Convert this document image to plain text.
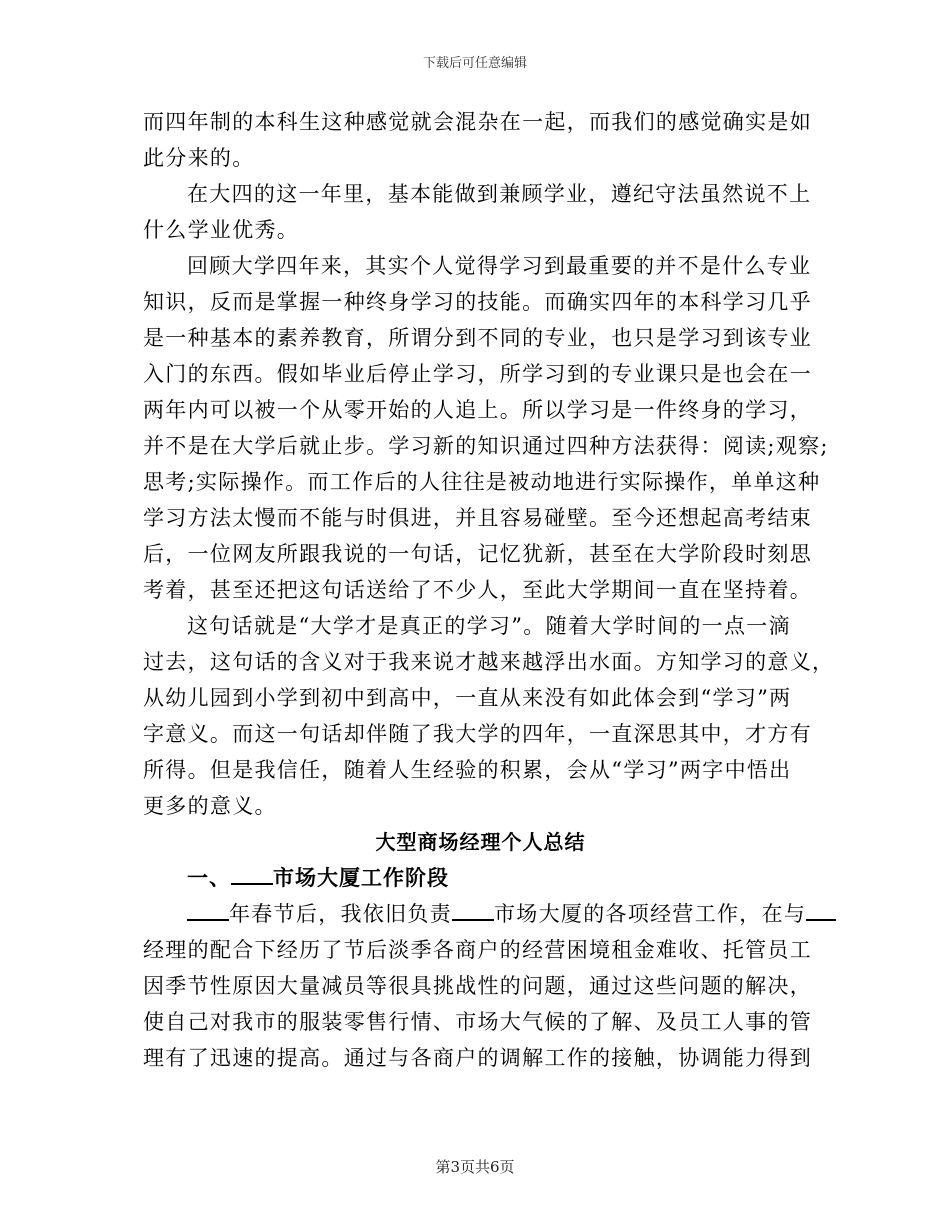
下载后可任意编辑
而四年制的本科生这种感觉就会混杂在一起，而我们的感觉确实是如
此分来的。
在大四的这一年里，基本能做到兼顾学业，遵纪守法虽然说不上
什么学业优秀。
回顾大学四年来，其实个人觉得学习到最重要的并不是什么专业
知识，反而是掌握一种终身学习的技能。而确实四年的本科学习几乎
是一种基本的素养教育，所谓分到不同的专业，也只是学习到该专业
入门的东西。假如毕业后停止学习，所学习到的专业课只是也会在一
两年内可以被一个从零开始的人追上。所以学习是一件终身的学习，
并不是在大学后就止步。学习新的知识通过四种方法获得：阅读;观察;
思考;实际操作。而工作后的人往往是被动地进行实际操作，单单这种
学习方法太慢而不能与时俱进，并且容易碰壁。至今还想起高考结束
后，一位网友所跟我说的一句话，记忆犹新，甚至在大学阶段时刻思
考着，甚至还把这句话送给了不少人，至此大学期间一直在坚持着。
这句话就是“大学才是真正的学习”。随着大学时间的一点一滴
过去，这句话的含义对于我来说才越来越浮出水面。方知学习的意义，
从幼儿园到小学到初中到高中，一直从来没有如此体会到“学习”两
字意义。而这一句话却伴随了我大学的四年，一直深思其中，才方有
所得。但是我信任，随着人生经验的积累，会从“学习”两字中悟出
更多的意义。
大型商场经理个人总结
一、 市场大厦工作阶段
年春节后，我依旧负责 市场大厦的各项经营工作，在与
经理的配合下经历了节后淡季各商户的经营困境租金难收、托管员工
因季节性原因大量减员等很具挑战性的问题，通过这些问题的解决，
使自己对我市的服装零售行情、市场大气候的了解、及员工人事的管
理有了迅速的提高。通过与各商户的调解工作的接触，协调能力得到
第3页共6页
